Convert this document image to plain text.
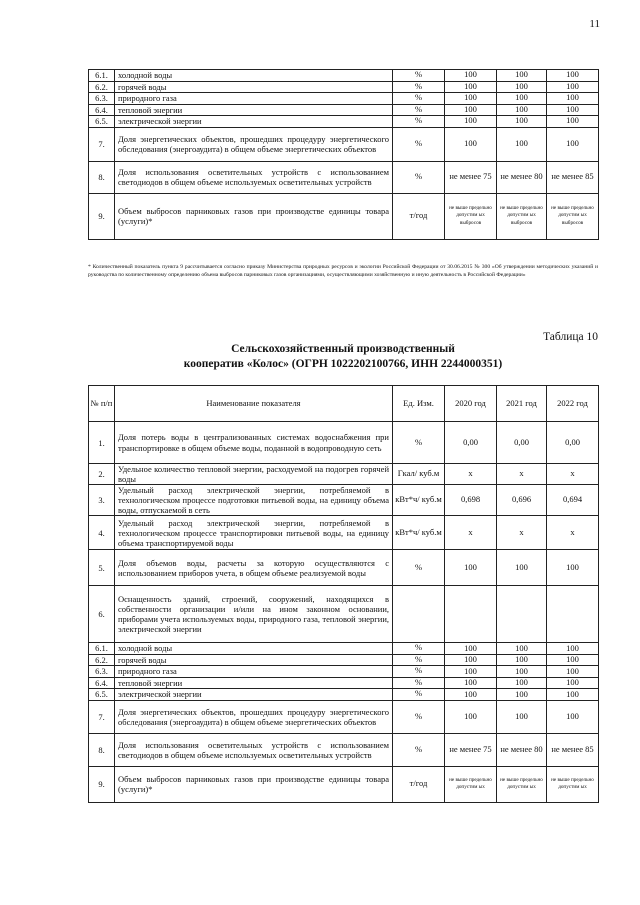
11
6.1.	холодной воды	%	100	100	100
6.2.	горячей воды	%	100	100	100
6.3.	природного газа	%	100	100	100
6.4.	тепловой энергии	%	100	100	100
6.5.	электрической энергии	%	100	100	100
7.	Доля энергетических объектов, прошедших процедуру энергетического обследования (энергоаудита) в общем объеме энергетических объектов	%	100	100	100
8.	Доля использования осветительных устройств с использованием светодиодов в общем объеме используемых осветительных устройств	%	не менее 75	не менее 80	не менее 85
9.	Объем выбросов парниковых газов при производстве единицы товара (услуги)*	т/год	не выше предельно допустим ых выбросов	не выше предельно допустим ых выбросов	не выше предельно допустим ых выбросов
* Количественный показатель пункта 9 рассчитывается согласно приказу Министерства природных ресурсов и экологии Российской Федерации от 30.06.2015 № 300 «Об утверждении методических указаний и руководства по количественному определению объема выбросов парниковых газов организациями, осуществляющими хозяйственную и иную деятельность в Российской Федерации»
Таблица 10
Сельскохозяйственный производственный
кооператив «Колос» (ОГРН 1022202100766, ИНН 2244000351)
№ п/п	Наименование показателя	Ед. Изм.	2020 год	2021 год	2022 год
1.	Доля потерь воды в централизованных системах водоснабжения при транспортировке в общем объеме воды, поданной в водопроводную сеть	%	0,00	0,00	0,00
2.	Удельное количество тепловой энергии, расходуемой на подогрев горячей воды	Гкал/ куб.м	x	x	x
3.	Удельный расход электрической энергии, потребляемой в технологическом процессе подготовки питьевой воды, на единицу объема воды, отпускаемой в сеть	кВт*ч/ куб.м	0,698	0,696	0,694
4.	Удельный расход электрической энергии, потребляемой в технологическом процессе транспортировки питьевой воды, на единицу объема транспортируемой воды	кВт*ч/ куб.м	x	x	x
5.	Доля объемов воды, расчеты за которую осуществляются с использованием приборов учета, в общем объеме реализуемой воды	%	100	100	100
6.	Оснащенность зданий, строений, сооружений, находящихся в собственности организации и/или на ином законном основании, приборами учета используемых воды, природного газа, тепловой энергии, электрической энергии				
6.1.	холодной воды	%	100	100	100
6.2.	горячей воды	%	100	100	100
6.3.	природного газа	%	100	100	100
6.4.	тепловой энергии	%	100	100	100
6.5.	электрической энергии	%	100	100	100
7.	Доля энергетических объектов, прошедших процедуру энергетического обследования (энергоаудита) в общем объеме энергетических объектов	%	100	100	100
8.	Доля использования осветительных устройств с использованием светодиодов в общем объеме используемых осветительных устройств	%	не менее 75	не менее 80	не менее 85
9.	Объем выбросов парниковых газов при производстве единицы товара (услуги)*	т/год	не выше предельно допустим ых	не выше предельно допустим ых	не выше предельно допустим ых
